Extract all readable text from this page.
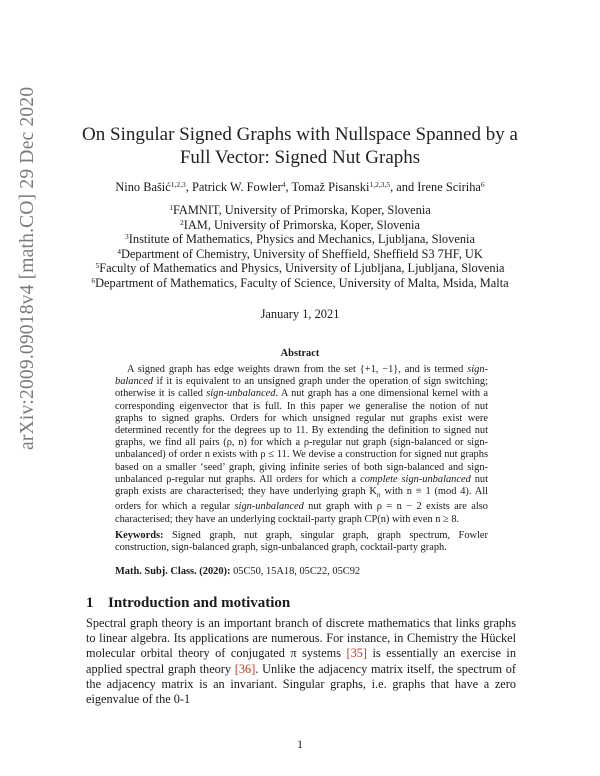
arXiv:2009.09018v4 [math.CO] 29 Dec 2020	On Singular Signed Graphs with Nullspace Spanned by a Full Vector: Signed Nut Graphs
Nino Bašić$^{1,2,3}$, Patrick W. Fowler$^4$, Tomaž Pisanski$^{1,2,3,5}$, and Irene Sciriha$^6$
$^1$FAMNIT, University of Primorska, Koper, Slovenia
$^2$IAM, University of Primorska, Koper, Slovenia
$^3$Institute of Mathematics, Physics and Mechanics, Ljubljana, Slovenia
$^4$Department of Chemistry, University of Sheffield, Sheffield S3 7HF, UK
$^5$Faculty of Mathematics and Physics, University of Ljubljana, Ljubljana, Slovenia
$^6$Department of Mathematics, Faculty of Science, University of Malta, Msida, Malta
January 1, 2021
Abstract

A signed graph has edge weights drawn from the set {+1, −1}, and is termed sign-balanced if it is equivalent to an unsigned graph under the operation of sign switching; otherwise it is called sign-unbalanced. A nut graph has a one dimensional kernel with a corresponding eigenvector that is full. In this paper we generalise the notion of nut graphs to signed graphs. Orders for which unsigned regular nut graphs exist were determined recently for the degrees up to 11. By extending the definition to signed nut graphs, we find all pairs (ρ, n) for which a ρ-regular nut graph (sign-balanced or sign-unbalanced) of order n exists with ρ ≤ 11. We devise a construction for signed nut graphs based on a smaller ‘seed’ graph, giving infinite series of both sign-balanced and sign-unbalanced ρ-regular nut graphs. All orders for which a complete sign-unbalanced nut graph exists are characterised; they have underlying graph $K_n$ with n ≡ 1 (mod 4). All orders for which a regular sign-unbalanced nut graph with ρ = n − 2 exists are also characterised; they have an underlying cocktail-party graph CP(n) with even n ≥ 8.

Keywords: Signed graph, nut graph, singular graph, graph spectrum, Fowler construction, sign-balanced graph, sign-unbalanced graph, cocktail-party graph.
Math. Subj. Class. (2020): 05C50, 15A18, 05C22, 05C92
1 Introduction and motivation

Spectral graph theory is an important branch of discrete mathematics that links graphs to linear algebra. Its applications are numerous. For instance, in Chemistry the Hückel molecular orbital theory of conjugated π systems [35] is essentially an exercise in applied spectral graph theory [36]. Unlike the adjacency matrix itself, the spectrum of the adjacency matrix is an invariant. Singular graphs, i.e. graphs that have a zero eigenvalue of the 0-1

1
